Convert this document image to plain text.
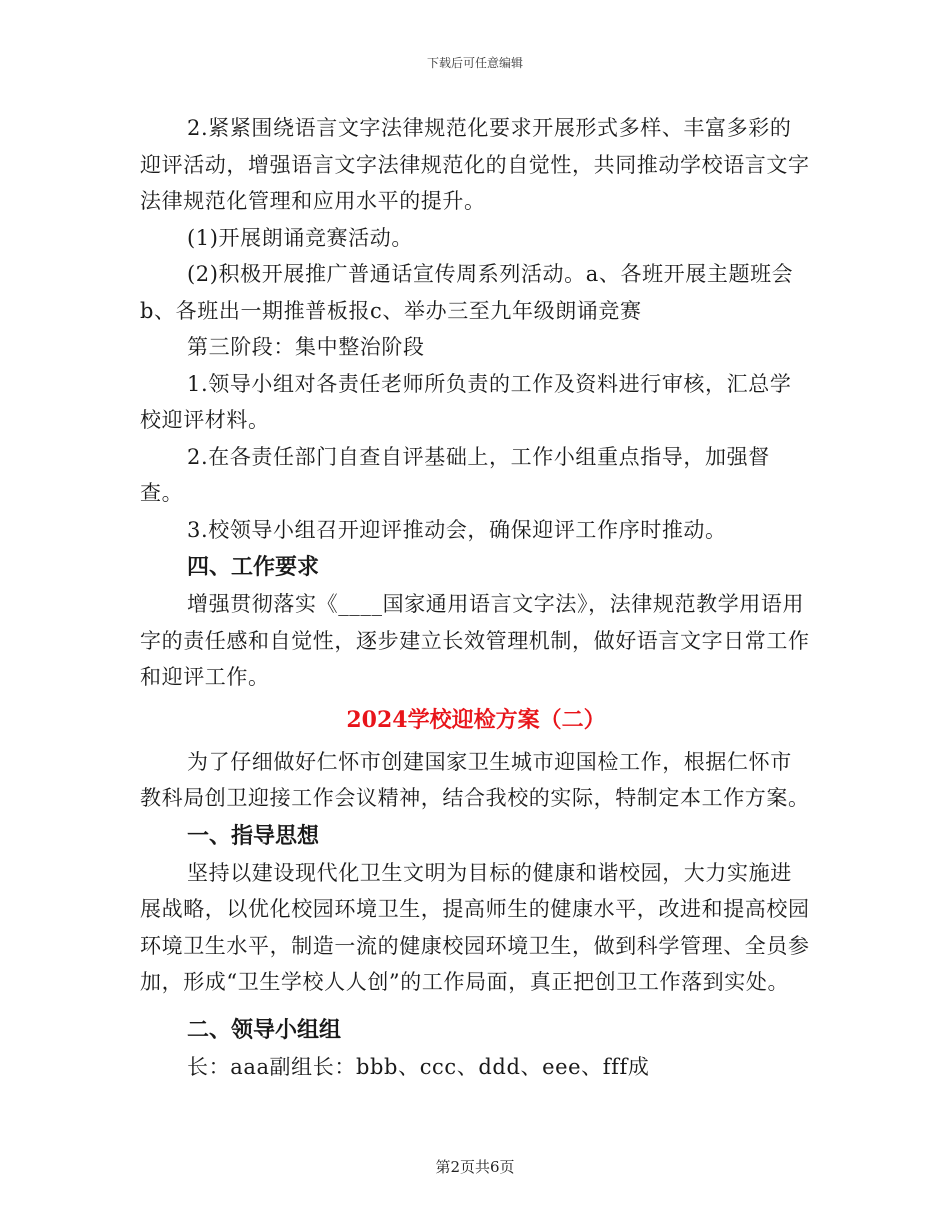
下载后可任意编辑

2.紧紧围绕语言文字法律规范化要求开展形式多样、丰富多彩的迎评活动，增强语言文字法律规范化的自觉性，共同推动学校语言文字法律规范化管理和应用水平的提升。

(1)开展朗诵竞赛活动。

(2)积极开展推广普通话宣传周系列活动。a、各班开展主题班会b、各班出一期推普板报c、举办三至九年级朗诵竞赛

第三阶段：集中整治阶段

1.领导小组对各责任老师所负责的工作及资料进行审核，汇总学校迎评材料。

2.在各责任部门自查自评基础上，工作小组重点指导，加强督查。

3.校领导小组召开迎评推动会，确保迎评工作序时推动。

四、工作要求

增强贯彻落实《____国家通用语言文字法》，法律规范教学用语用字的责任感和自觉性，逐步建立长效管理机制，做好语言文字日常工作和迎评工作。

2024学校迎检方案（二）

为了仔细做好仁怀市创建国家卫生城市迎国检工作，根据仁怀市教科局创卫迎接工作会议精神，结合我校的实际，特制定本工作方案。

一、指导思想

坚持以建设现代化卫生文明为目标的健康和谐校园，大力实施进展战略，以优化校园环境卫生，提高师生的健康水平，改进和提高校园环境卫生水平，制造一流的健康校园环境卫生，做到科学管理、全员参加，形成“卫生学校人人创”的工作局面，真正把创卫工作落到实处。

二、领导小组组

长：aaa副组长：bbb、ccc、ddd、eee、fff成

第2页共6页
